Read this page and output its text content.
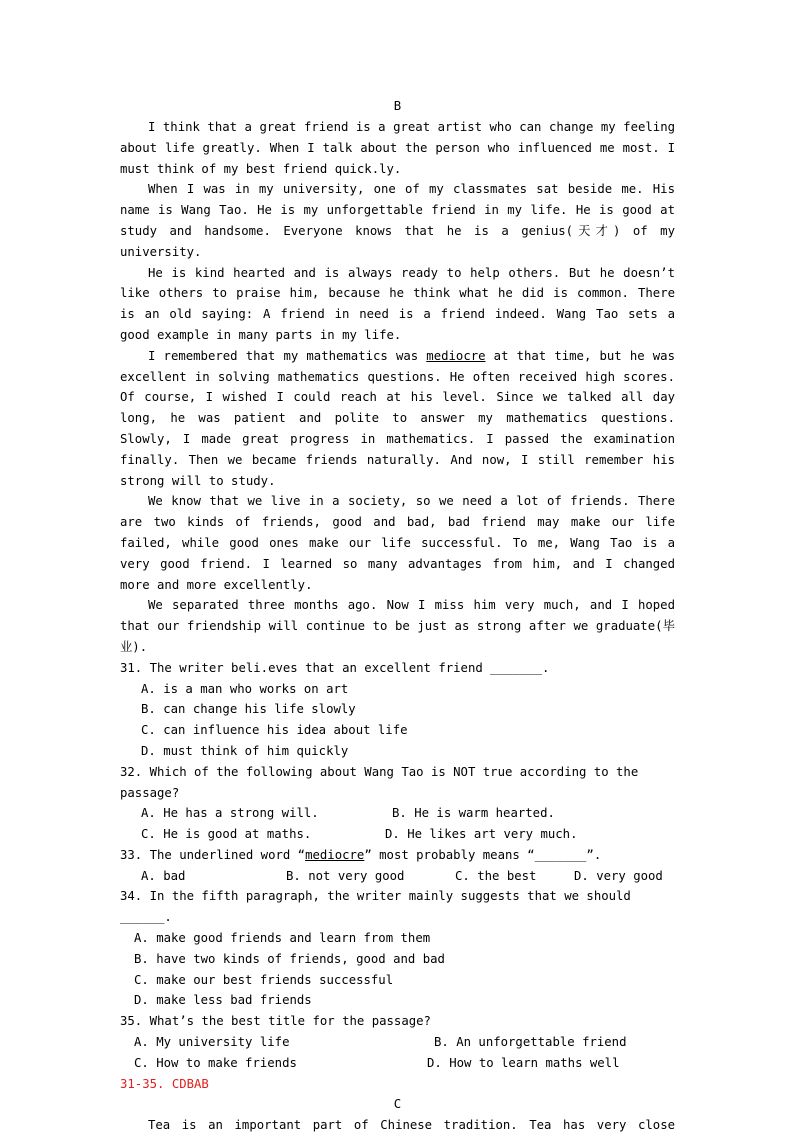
B

I think that a great friend is a great artist who can change my feeling about life greatly. When I talk about the person who influenced me most. I must think of my best friend quick.ly.

When I was in my university, one of my classmates sat beside me. His name is Wang Tao. He is my unforgettable friend in my life. He is good at study and handsome. Everyone knows that he is a genius(天才) of my university.

He is kind hearted and is always ready to help others. But he doesn’t like others to praise him, because he think what he did is common. There is an old saying: A friend in need is a friend indeed. Wang Tao sets a good example in many parts in my life.

I remembered that my mathematics was mediocre at that time, but he was excellent in solving mathematics questions. He often received high scores. Of course, I wished I could reach at his level. Since we talked all day long, he was patient and polite to answer my mathematics questions. Slowly, I made great progress in mathematics. I passed the examination finally. Then we became friends naturally. And now, I still remember his strong will to study.

We know that we live in a society, so we need a lot of friends. There are two kinds of friends, good and bad, bad friend may make our life failed, while good ones make our life successful. To me, Wang Tao is a very good friend. I learned so many advantages from him, and I changed more and more excellently.

We separated three months ago. Now I miss him very much, and I hoped that our friendship will continue to be just as strong after we graduate(毕业).

31. The writer beli.eves that an excellent friend _______.

A. is a man who works on art

B. can change his life slowly

C. can influence his idea about life

D. must think of him quickly

32. Which of the following about Wang Tao is NOT true according to the passage?

A. He has a strong will.	B. He is warm hearted.
C. He is good at maths.	D. He likes art very much.

33. The underlined word “mediocre” most probably means “_______”.

A. bad	B. not very good	C. the best	D. very good

34. In the fifth paragraph, the writer mainly suggests that we should ______.

A. make good friends and learn from them

B. have two kinds of friends, good and bad

C. make our best friends successful

D. make less bad friends

35. What’s the best title for the passage?

A. My university life	B. An unforgettable friend
C. How to make friends	D. How to learn maths well
31-35. CDBAB
C

Tea is an important part of Chinese tradition. Tea has very close
